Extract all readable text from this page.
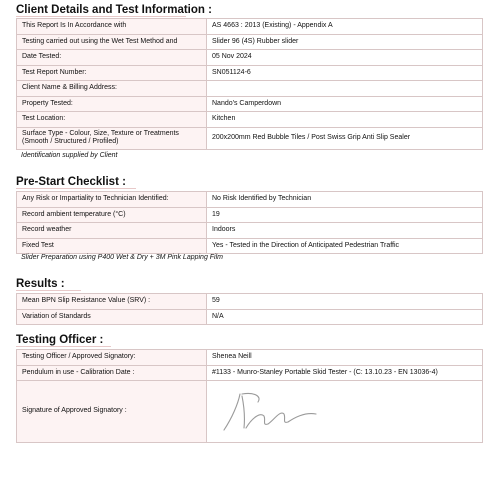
Client Details and Test Information :
This Report Is In Accordance with	AS 4663 : 2013 (Existing) - Appendix A
Testing carried out using the Wet Test Method and	Slider 96 (4S) Rubber slider
Date Tested:	05 Nov 2024
Test Report Number:	SN051124-6
Client Name & Billing Address:	
Property Tested:	Nando's Camperdown
Test Location:	Kitchen
Surface Type - Colour, Size, Texture or Treatments (Smooth / Structured / Profiled)	200x200mm Red Bubble Tiles / Post Swiss Grip Anti Slip Sealer
Identification supplied by Client
Pre-Start Checklist :
Any Risk or Impartiality to Technician Identified:	No Risk Identified by Technician
Record ambient temperature (°C)	19
Record weather	Indoors
Fixed Test	Yes - Tested in the Direction of Anticipated Pedestrian Traffic
Slider Preparation using P400 Wet & Dry + 3M Pink Lapping Film
Results :
Mean BPN Slip Resistance Value (SRV) :	59
Variation of Standards	N/A
Testing Officer :
Testing Officer / Approved Signatory:	Shenea Neill
Pendulum in use - Calibration Date :	#1133 - Munro-Stanley Portable Skid Tester - (C: 13.10.23 - EN 13036-4)
Signature of Approved Signatory :	
